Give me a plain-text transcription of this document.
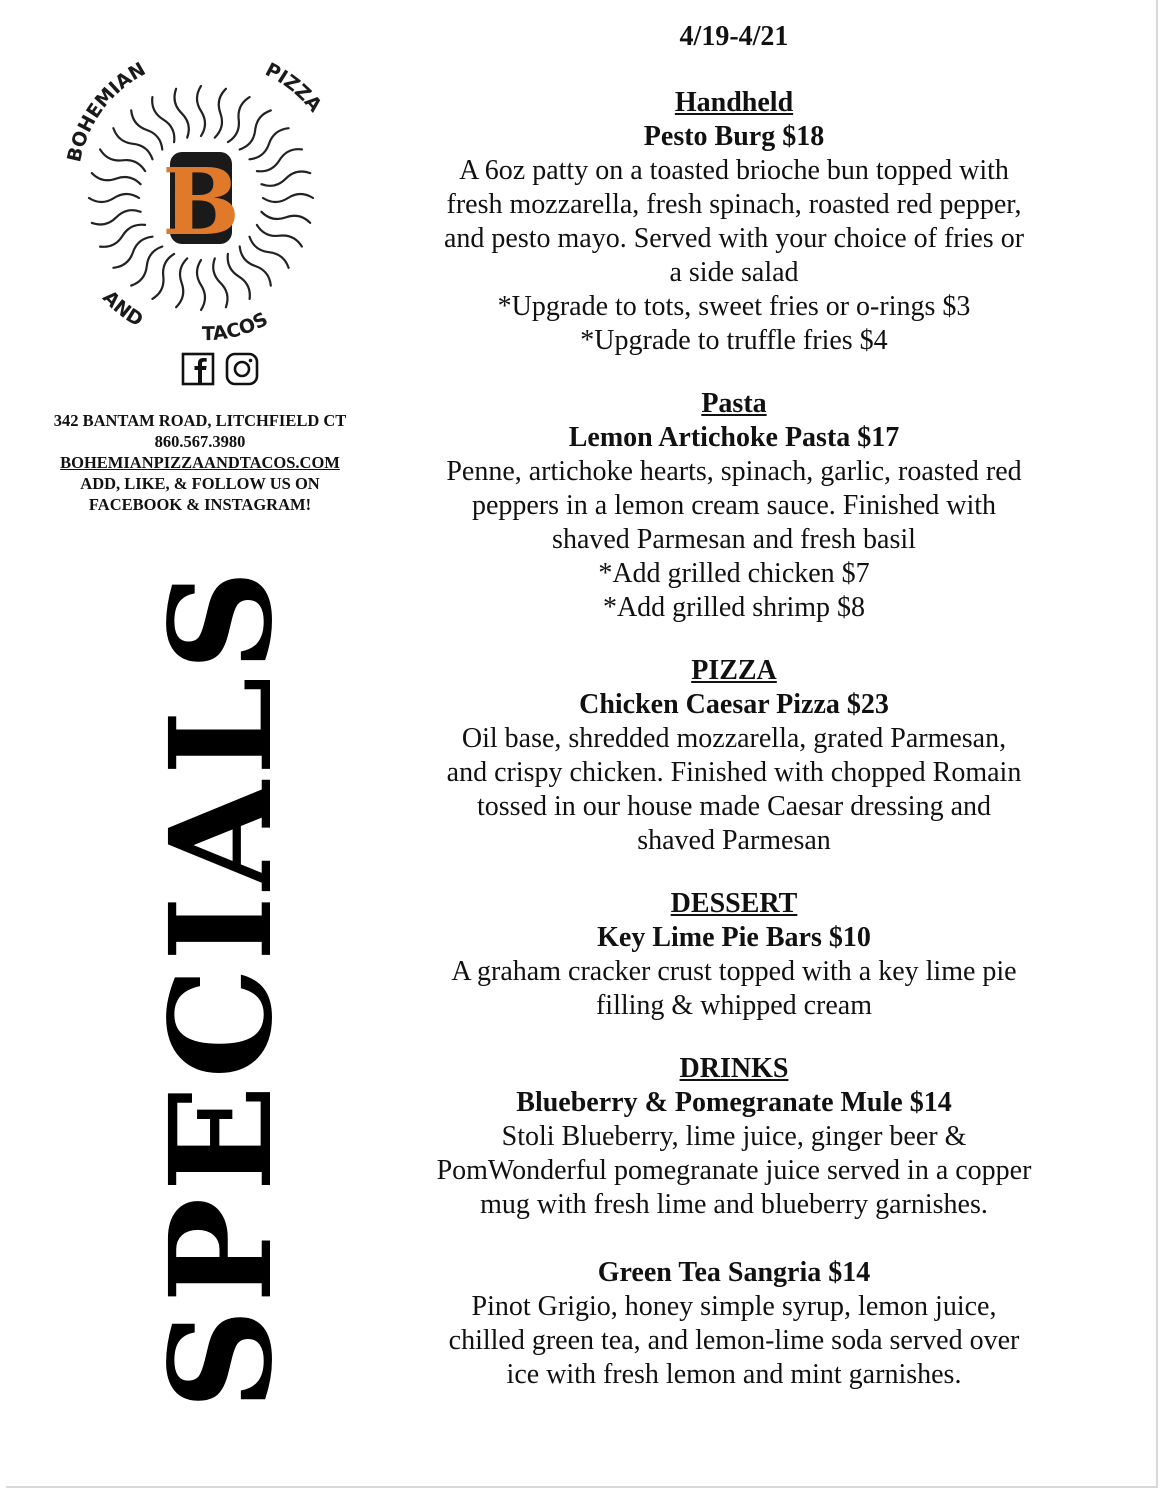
B
BOHEMIAN	PIZZA
AND
TACOS
342 BANTAM ROAD, LITCHFIELD CT
860.567.3980
BOHEMIANPIZZAANDTACOS.COM
ADD, LIKE, & FOLLOW US ON
FACEBOOK & INSTAGRAM!
SPECIALS
4/19-4/21
Handheld
Pesto Burg $18
A 6oz patty on a toasted brioche bun topped with
fresh mozzarella, fresh spinach, roasted red pepper,
and pesto mayo. Served with your choice of fries or
a side salad
*Upgrade to tots, sweet fries or o-rings $3
*Upgrade to truffle fries $4
Pasta
Lemon Artichoke Pasta $17
Penne, artichoke hearts, spinach, garlic, roasted red
peppers in a lemon cream sauce. Finished with
shaved Parmesan and fresh basil
*Add grilled chicken $7
*Add grilled shrimp $8
PIZZA
Chicken Caesar Pizza $23
Oil base, shredded mozzarella, grated Parmesan,
and crispy chicken. Finished with chopped Romain
tossed in our house made Caesar dressing and
shaved Parmesan
DESSERT
Key Lime Pie Bars $10
A graham cracker crust topped with a key lime pie
filling & whipped cream
DRINKS
Blueberry & Pomegranate Mule $14
Stoli Blueberry, lime juice, ginger beer &
PomWonderful pomegranate juice served in a copper
mug with fresh lime and blueberry garnishes.
Green Tea Sangria $14
Pinot Grigio, honey simple syrup, lemon juice,
chilled green tea, and lemon-lime soda served over
ice with fresh lemon and mint garnishes.
